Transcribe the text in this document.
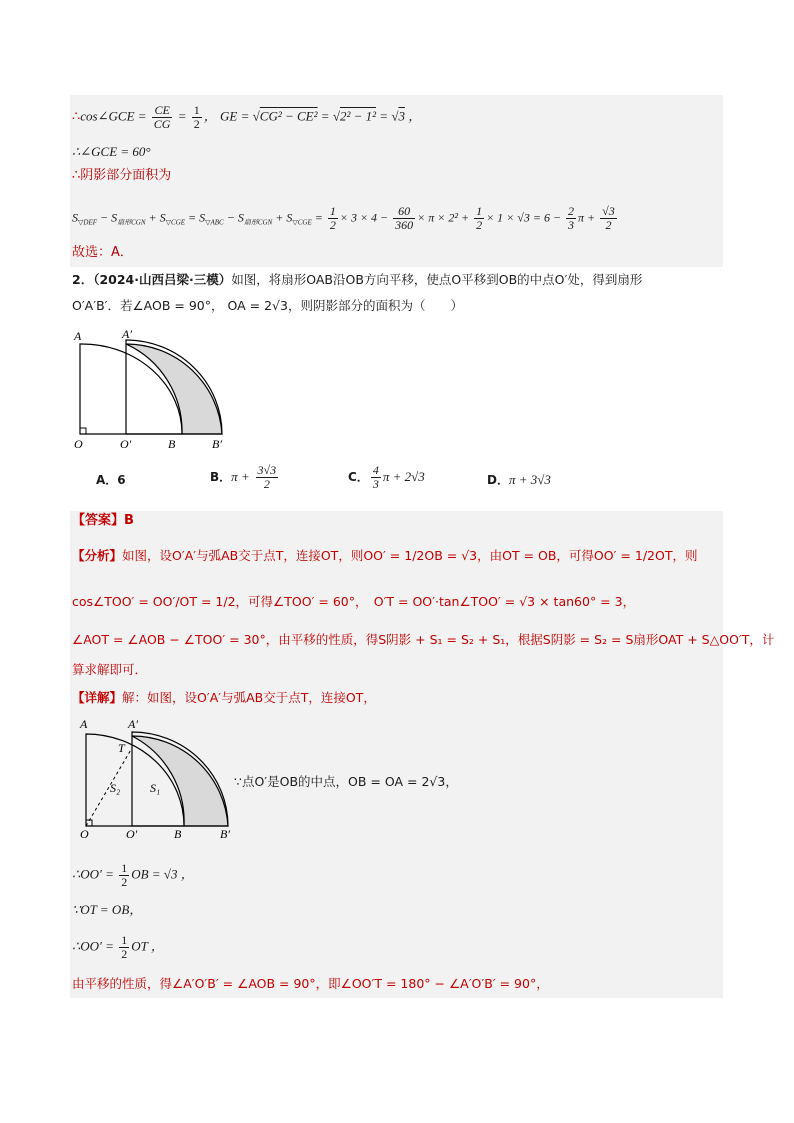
∴cos∠GCE = $\frac{CE}{CG} = \frac{1}{2}$ ， GE = √CG² − CE² = √2² − 1² = √3 ，
∴∠GCE = 60°
∴阴影部分面积为
$S_{▽DEF} - S_{扇形CGN} + S_{▽CGE} = S_{▽ABC} - S_{扇形CGN} + S_{▽CGE} = \frac{1}{2} \times 3 \times 4 - \frac{60}{360} \times \pi \times 2^2 + \frac{1}{2} \times 1 \times √3 = 6 - \frac{2}{3}$ $\pi + \frac{√3}{2}$
故选：A．
2．（2024·山西吕梁·三模）如图，将扇形OAB沿OB方向平移，使点O平移到OB的中点O′处，得到扇形
O′A′B′．若∠AOB = 90°， OA = 2√3，则阴影部分的面积为（　　）
A	A′
O	O′	B	B′
A．6	B．$\pi + \frac{3√3}{2}$	C． $\frac{4}{3}$ π + 2√3	D．π + 3√3
【答案】B
【分析】如图，设O′A′与弧AB交于点T，连接OT，则OO′ = 1/2OB = √3，由OT = OB，可得OO′ = 1/2OT，则
cos∠TOO′ = OO′/OT = 1/2，可得∠TOO′ = 60°，　O′T = OO′·tan∠TOO′ = √3 × tan60° = 3，
∠AOT = ∠AOB − ∠TOO′ = 30°，由平移的性质，得S阴影 + S₁ = S₂ + S₁，根据S阴影 = S₂ = S扇形OAT + S△OO′T，计
算求解即可．
【详解】解：如图，设O′A′与弧AB交于点T，连接OT，
A	A′
T
S₂ S₁
O	O′	B	B′
∵点O′是OB的中点，OB = OA = 2√3，
∴OO′ = $\frac{1}{2}$ OB = √3 ，
∵OT = OB，
∴OO′ = $\frac{1}{2}$ OT ，
由平移的性质，得∠A′O′B′ = ∠AOB = 90°，即∠OO′T = 180° − ∠A′O′B′ = 90°，
